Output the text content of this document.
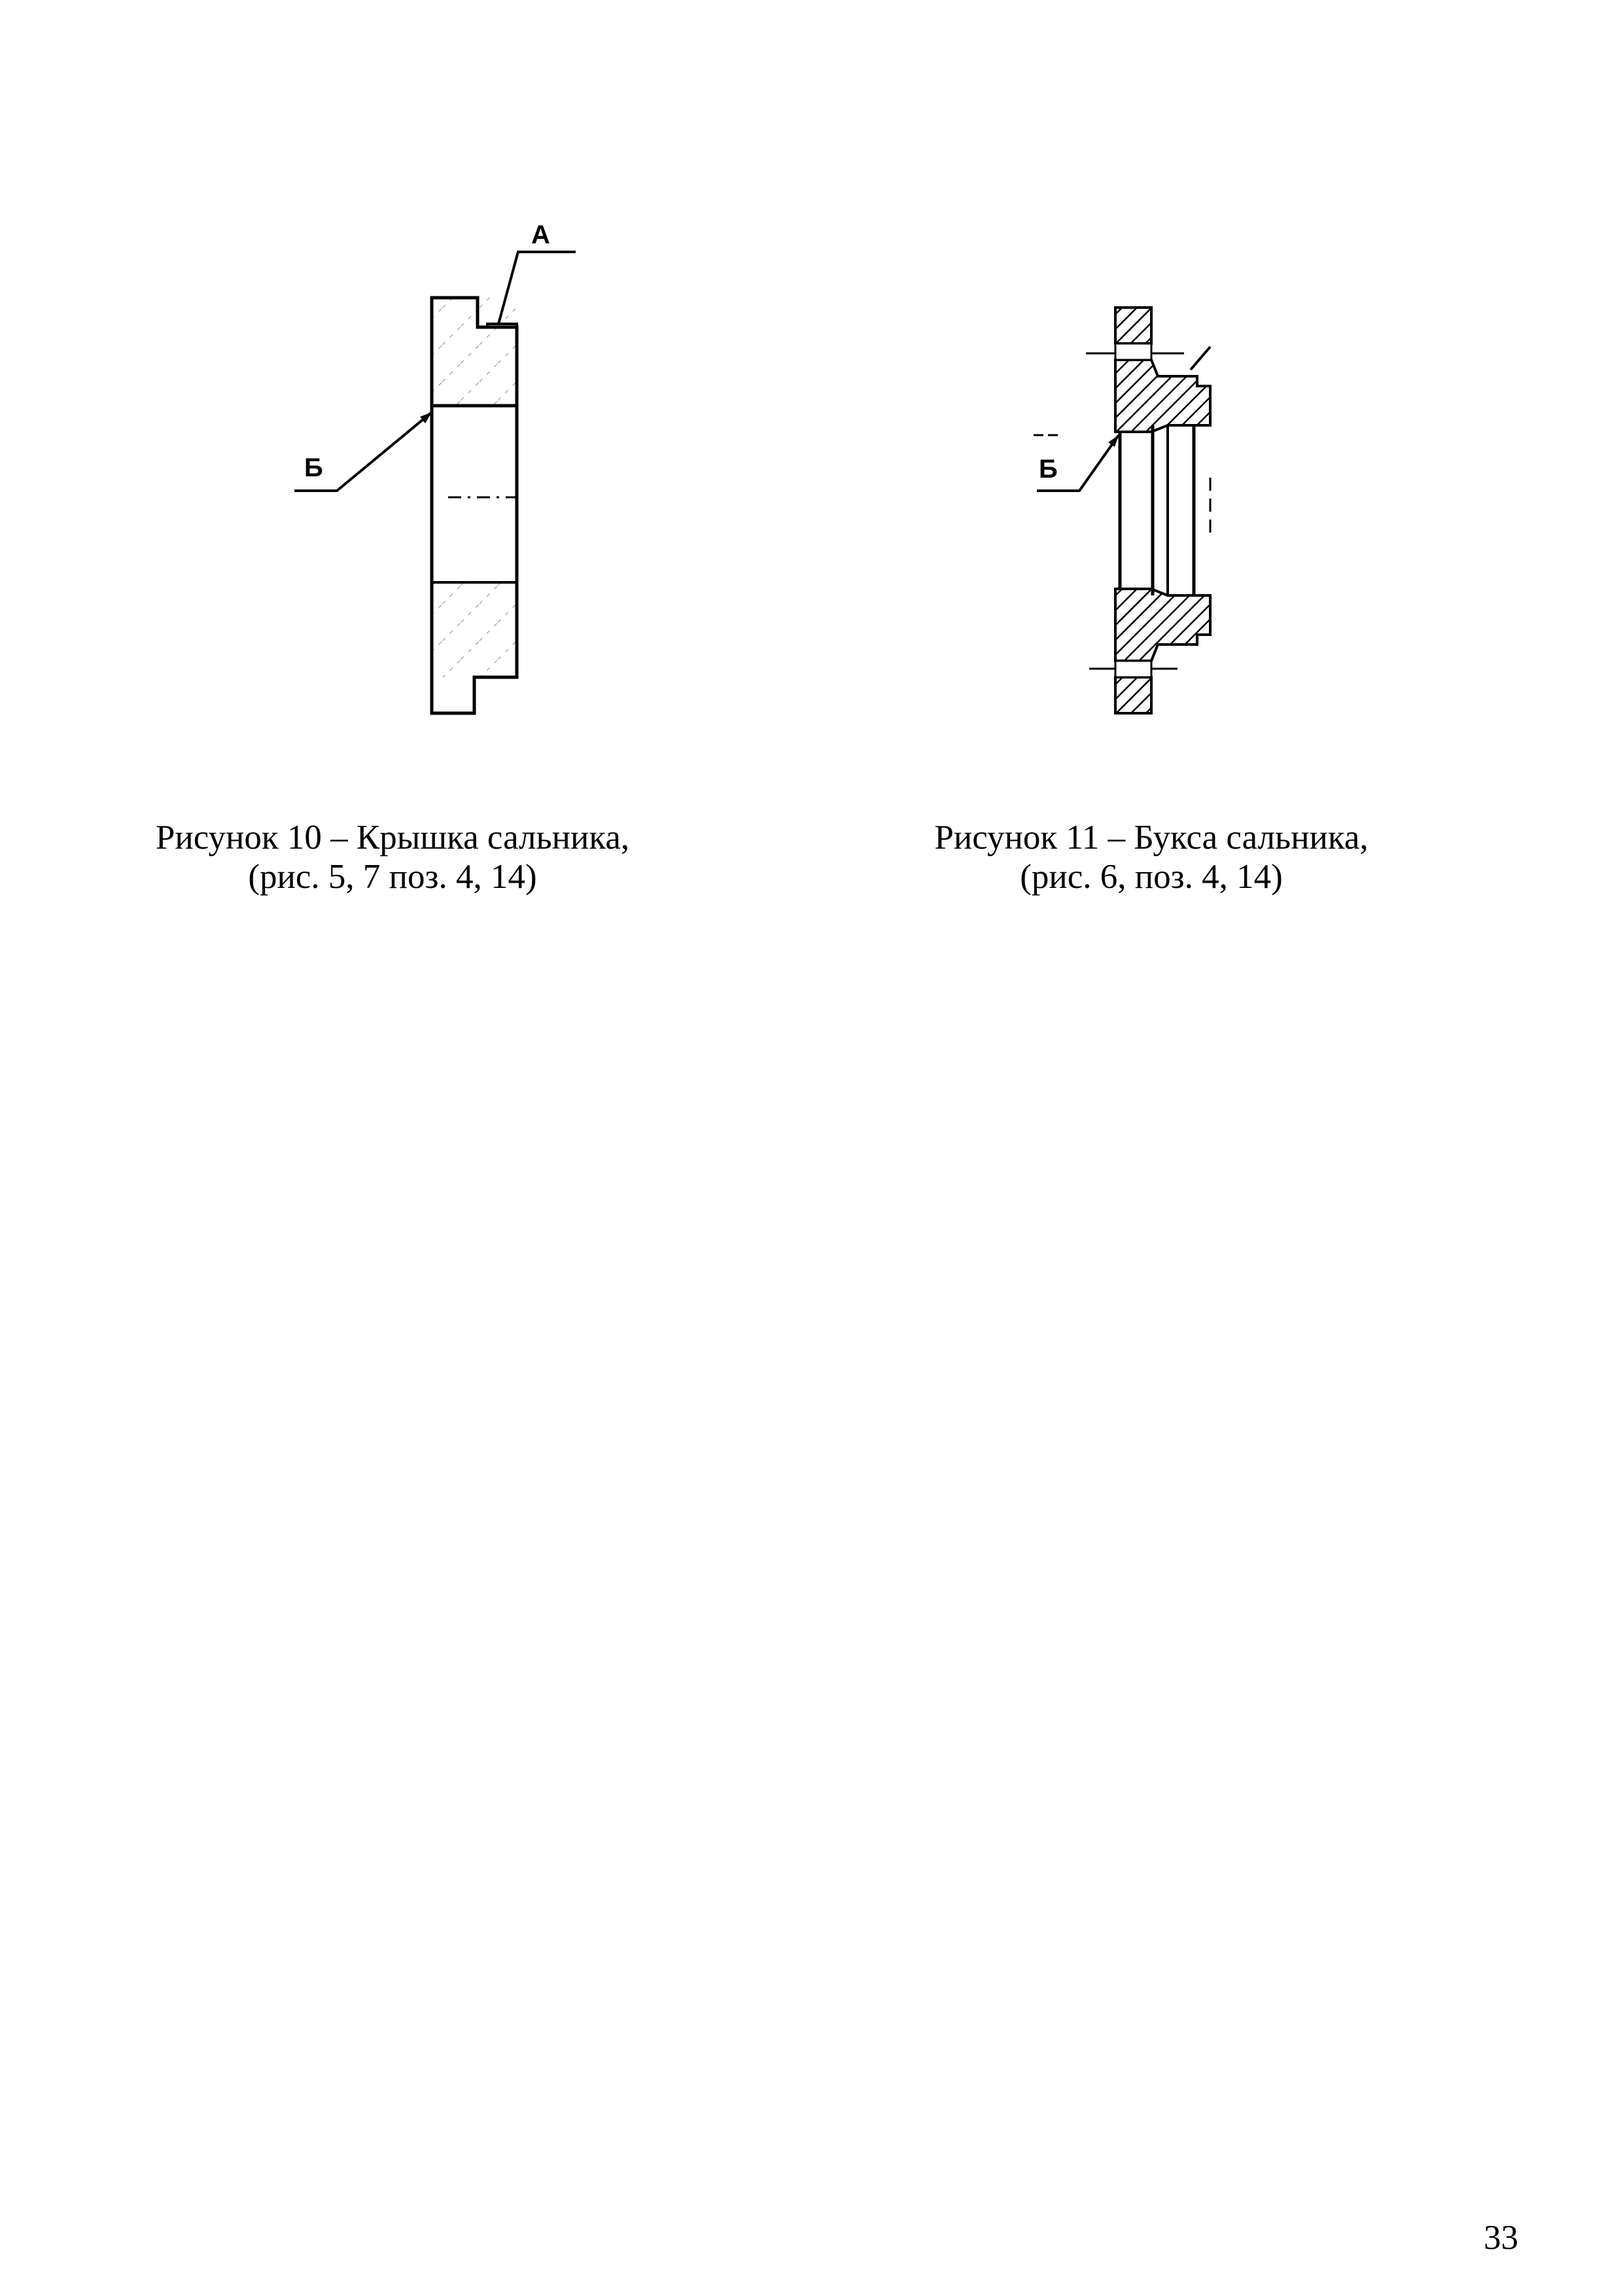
А
Б	Б
Рисунок 10 – Крышка сальника,
(рис. 5, 7 поз. 4, 14)
Рисунок 11 – Букса сальника,
(рис. 6, поз. 4, 14)
33
